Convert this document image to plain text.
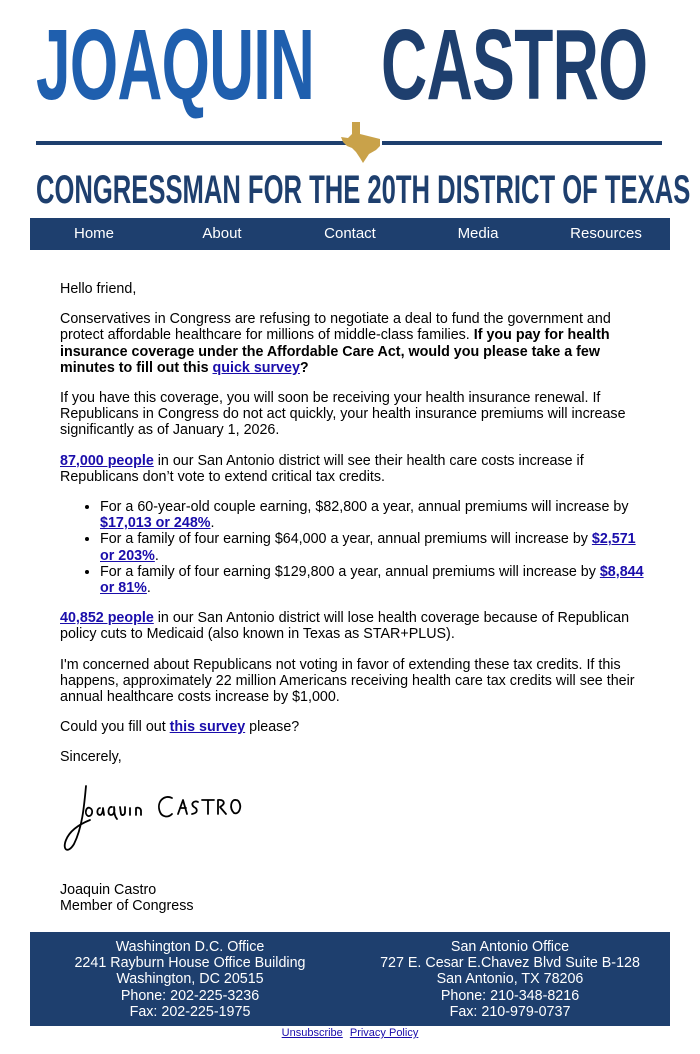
JOAQUIN CASTRO
CONGRESSMAN FOR THE 20TH DISTRICT OF TEXAS
Home	About	Contact	Media	Resources

Hello friend,

Conservatives in Congress are refusing to negotiate a deal to fund the government and protect affordable healthcare for millions of middle-class families. If you pay for health insurance coverage under the Affordable Care Act, would you please take a few minutes to fill out this quick survey?

If you have this coverage, you will soon be receiving your health insurance renewal. If Republicans in Congress do not act quickly, your health insurance premiums will increase significantly as of January 1, 2026.

87,000 people in our San Antonio district will see their health care costs increase if Republicans don’t vote to extend critical tax credits.

• For a 60-year-old couple earning, $82,800 a year, annual premiums will increase by $17,013 or 248%.
• For a family of four earning $64,000 a year, annual premiums will increase by $2,571 or 203%.
• For a family of four earning $129,800 a year, annual premiums will increase by $8,844 or 81%.

40,852 people in our San Antonio district will lose health coverage because of Republican policy cuts to Medicaid (also known in Texas as STAR+PLUS).

I'm concerned about Republicans not voting in favor of extending these tax credits. If this happens, approximately 22 million Americans receiving health care tax credits will see their annual healthcare costs increase by $1,000.

Could you fill out this survey please?

Sincerely,

Joaquin Castro
Member of Congress
Washington D.C. Office
2241 Rayburn House Office Building
Washington, DC 20515
Phone: 202-225-3236
Fax: 202-225-1975
San Antonio Office
727 E. Cesar E.Chavez Blvd Suite B-128
San Antonio, TX 78206
Phone: 210-348-8216
Fax: 210-979-0737
Unsubscribe Privacy Policy
